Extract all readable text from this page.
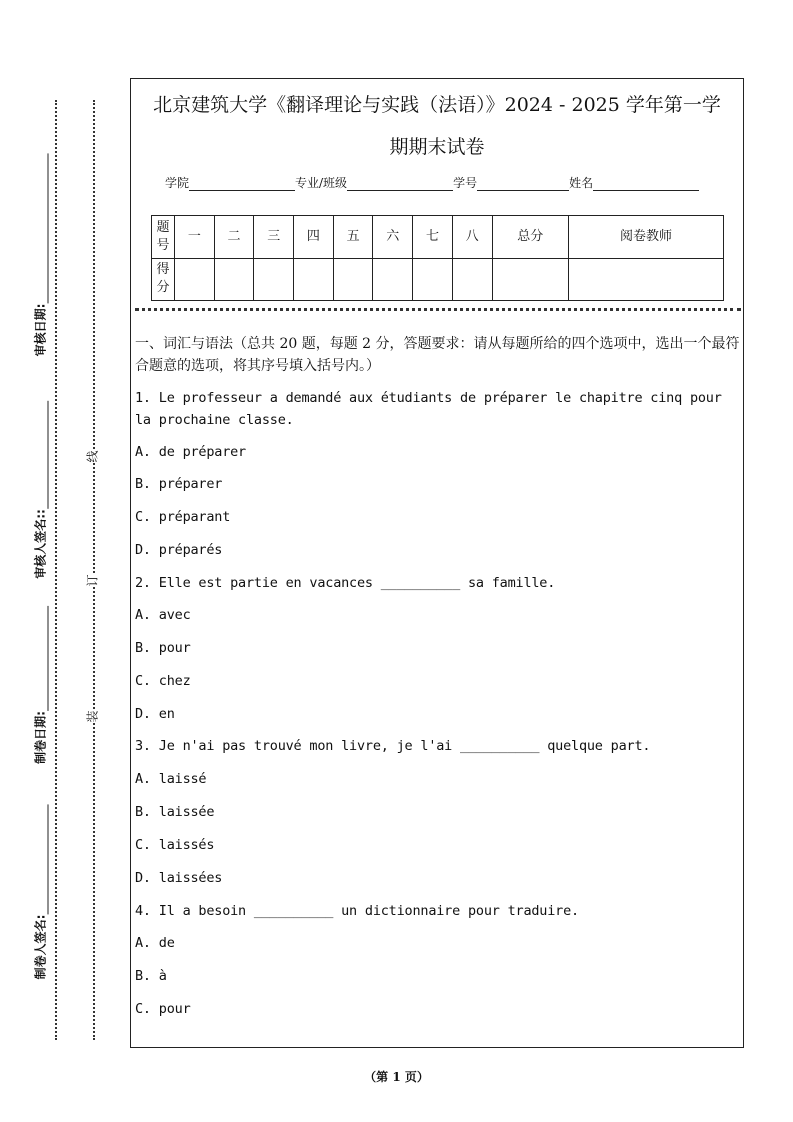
线
订
装
审核日期:
审核人签名::
制卷日期:
制卷人签名:
北京建筑大学《翻译理论与实践（法语）》2024 - 2025 学年第一学
期期末试卷
学院	专业/班级	学号	姓名
题号	一	二	三	四	五	六	七	八	总分	阅卷教师
得分										
一、词汇与语法（总共 20 题，每题 2 分，答题要求：请从每题所给的四个选项中，选出一个最符合题意的选项，将其序号填入括号内。）
1. Le professeur a demandé aux étudiants de préparer le chapitre cinq pour la prochaine classe.
A. de préparer
B. préparer
C. préparant
D. préparés
2. Elle est partie en vacances __________ sa famille.
A. avec
B. pour
C. chez
D. en
3. Je n'ai pas trouvé mon livre, je l'ai __________ quelque part.
A. laissé
B. laissée
C. laissés
D. laissées
4. Il a besoin __________ un dictionnaire pour traduire.
A. de
B. à
C. pour
（第 1 页）
